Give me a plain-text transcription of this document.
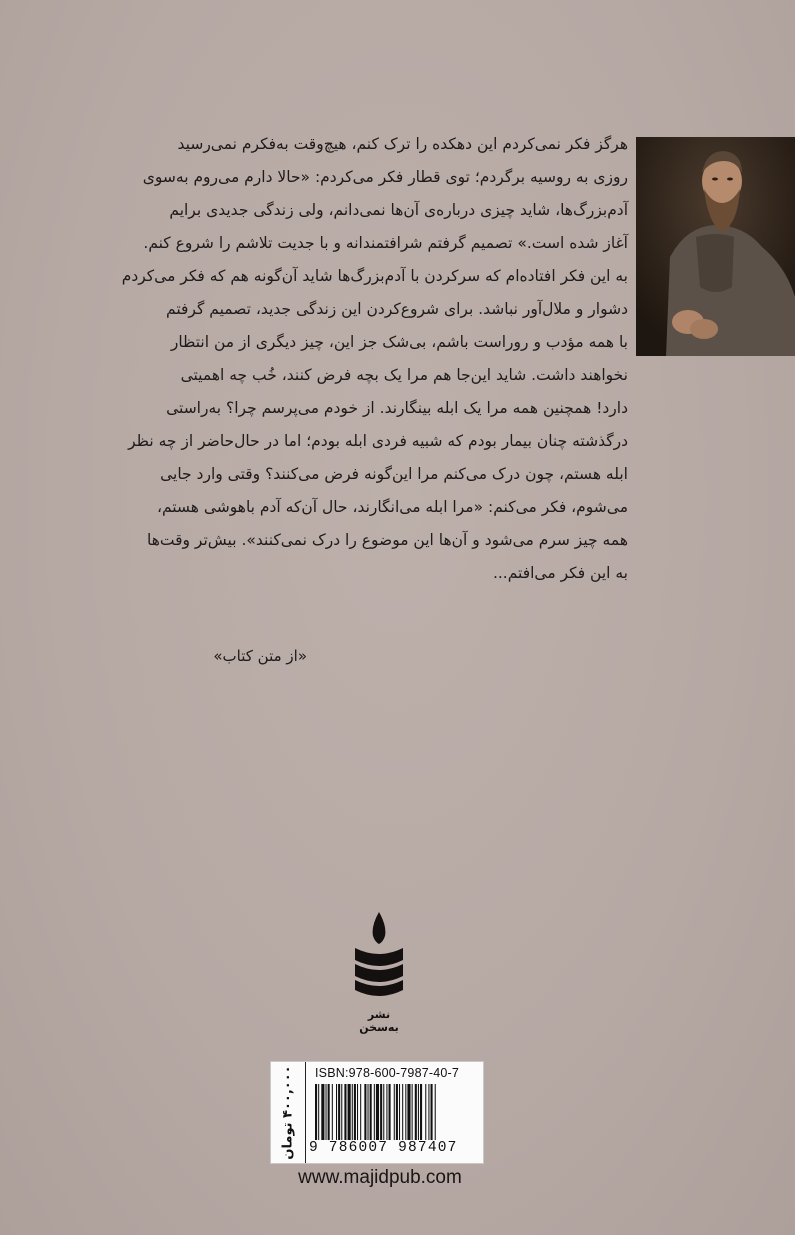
هرگز فکر نمی‌کردم این دهکده را ترک کنم، هیچ‌وقت به‌فکرم نمی‌رسید

روزی به روسیه برگردم؛ توی قطار فکر می‌کردم: «حالا دارم می‌روم به‌سوی

آدم‌بزرگ‌ها، شاید چیزی درباره‌ی آن‌ها نمی‌دانم، ولی زندگی جدیدی برایم

آغاز شده است.» تصمیم گرفتم شرافتمندانه و با جدیت تلاشم را شروع کنم.

به این فکر افتاده‌ام که سرکردن با آدم‌بزرگ‌ها شاید آن‌گونه هم که فکر می‌کردم

دشوار و ملال‌آور نباشد. برای شروع‌کردن این زندگی جدید، تصمیم گرفتم

با همه مؤدب و روراست باشم، بی‌شک جز این، چیز دیگری از من انتظار

نخواهند داشت. شاید این‌جا هم مرا یک بچه فرض کنند، خُب چه اهمیتی

دارد! همچنین همه مرا یک ابله بینگارند. از خودم می‌پرسم چرا؟ به‌راستی

درگذشته چنان بیمار بودم که شبیه فردی ابله بودم؛ اما در حال‌حاضر از چه نظر

ابله هستم، چون درک می‌کنم مرا این‌گونه فرض می‌کنند؟ وقتی وارد جایی

می‌شوم، فکر می‌کنم: «مرا ابله می‌انگارند، حال آن‌که آدم باهوشی هستم،

همه چیز سرم می‌شود و آن‌ها این موضوع را درک نمی‌کنند». بیش‌تر وقت‌ها

به این فکر می‌افتم...

«از متن کتاب»
نشر به‌سخن
۴۰۰,۰۰۰ تومان ISBN:978-600-7987-40-7
9 786007 987407
www.majidpub.com
